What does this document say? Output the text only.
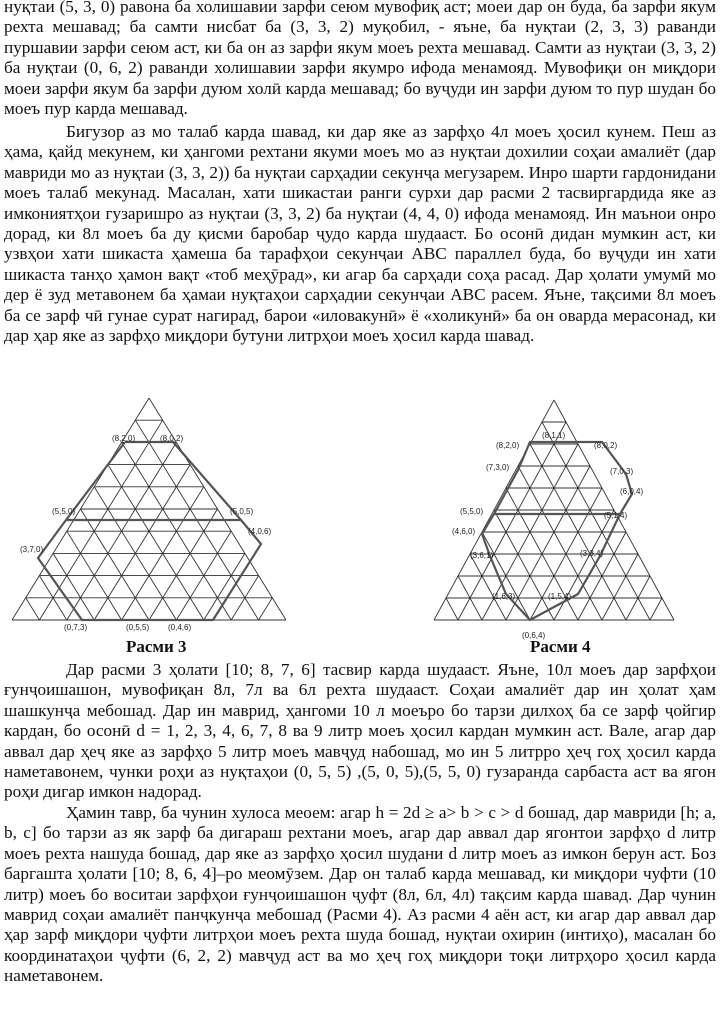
нуқтаи (5, 3, 0) равона ба холишавии зарфи сеюм мувофиқ аст; моеи дар он буда, ба зарфи якум рехта мешавад; ба самти нисбат ба (3, 3, 2) муқобил, - яъне, ба нуқтаи (2, 3, 3) раванди пуршавии зарфи сеюм аст, ки ба он аз зарфи якум моеъ рехта мешавад. Самти аз нуқтаи (3, 3, 2) ба нуқтаи (0, 6, 2) раванди холишавии зарфи якумро ифода менамояд. Мувофиқи он миқдори моеи зарфи якум ба зарфи дуюм холӣ карда мешавад; бо вуҷуди ин зарфи дуюм то пур шудан бо моеъ пур карда мешавад.

Бигузор аз мо талаб карда шавад, ки дар яке аз зарфҳо 4л моеъ ҳосил кунем. Пеш аз ҳама, қайд мекунем, ки ҳангоми рехтани якуми моеъ мо аз нуқтаи дохилии соҳаи амалиёт (дар мавриди мо аз нуқтаи (3, 3, 2)) ба нуқтаи сарҳадии секунҷа мегузарем. Инро шарти гардонидани моеъ талаб мекунад. Масалан, хати шикастаи ранги сурхи дар расми 2 тасвиргардида яке аз имкониятҳои гузаришро аз нуқтаи (3, 3, 2) ба нуқтаи (4, 4, 0) ифода менамояд. Ин маънои онро дорад, ки 8л моеъ ба ду қисми баробар ҷудо карда шудааст. Бо осонӣ дидан мумкин аст, ки узвҳои хати шикаста ҳамеша ба тарафҳои секунҷаи ABC параллел буда, бо вуҷуди ин хати шикаста танҳо ҳамон вақт «тоб меҳӯрад», ки агар ба сарҳади соҳа расад. Дар ҳолати умумӣ мо дер ё зуд метавонем ба ҳамаи нуқтаҳои сарҳадии секунҷаи ABC расем. Яъне, тақсими 8л моеъ ба се зарф чӣ гунае сурат нагирад, барои «иловакунӣ» ё «холикунӣ» ба он оварда мерасонад, ки дар ҳар яке аз зарфҳо миқдори бутуни литрҳои моеъ ҳосил карда шавад.

(8,2,0)	(8,0,2)
(5,5,0)	(5,0,5)
(4,0,6)
(3,7,0)
(0,7,3)	(0,5,5) (0,4,6)
Расми 3
(8,1,1)
(8,2,0)	(8,0,2)
(7,3,0)	(7,0,3)
(6,0,4)
(5,5,0)	(5,1,4)
(4,6,0)
(3,3,4)
(3,6,1)
(1,6,3)	(1,5,4)
(0,6,4)
Расми 4

Дар расми 3 ҳолати [10; 8, 7, 6] тасвир карда шудааст. Яъне, 10л моеъ дар зарфҳои ғунҷоишашон, мувофиқан 8л, 7л ва 6л рехта шудааст. Соҳаи амалиёт дар ин ҳолат ҳам шашкунҷа мебошад. Дар ин маврид, ҳангоми 10 л моеъро бо тарзи дилхоҳ ба се зарф ҷойгир кардан, бо осонӣ d = 1, 2, 3, 4, 6, 7, 8 ва 9 литр моеъ ҳосил кардан мумкин аст. Вале, агар дар аввал дар ҳеҷ яке аз зарфҳо 5 литр моеъ мавҷуд набошад, мо ин 5 литрро ҳеҷ гоҳ ҳосил карда наметавонем, чунки роҳи аз нуқтаҳои (0, 5, 5) ,(5, 0, 5),(5, 5, 0) гузаранда сарбаста аст ва ягон роҳи дигар имкон надорад.

Ҳамин тавр, ба чунин хулоса меоем: агар h = 2d ≥ a> b > c > d бошад, дар мавриди [h; a, b, c] бо тарзи аз як зарф ба дигараш рехтани моеъ, агар дар аввал дар ягонтои зарфҳо d литр моеъ рехта нашуда бошад, дар яке аз зарфҳо ҳосил шудани d литр моеъ аз имкон берун аст. Боз баргашта ҳолати [10; 8, 6, 4]–ро меомӯзем. Дар он талаб карда мешавад, ки миқдори чуфти (10 литр) моеъ бо воситаи зарфҳои ғунҷоишашон ҷуфт (8л, 6л, 4л) тақсим карда шавад. Дар чунин маврид соҳаи амалиёт панҷкунҷа мебошад (Расми 4). Аз расми 4 аён аст, ки агар дар аввал дар ҳар зарф миқдори ҷуфти литрҳои моеъ рехта шуда бошад, нуқтаи охирин (интиҳо), масалан бо координатаҳои ҷуфти (6, 2, 2) мавҷуд аст ва мо ҳеҷ гоҳ миқдори тоқи литрҳоро ҳосил карда наметавонем.
